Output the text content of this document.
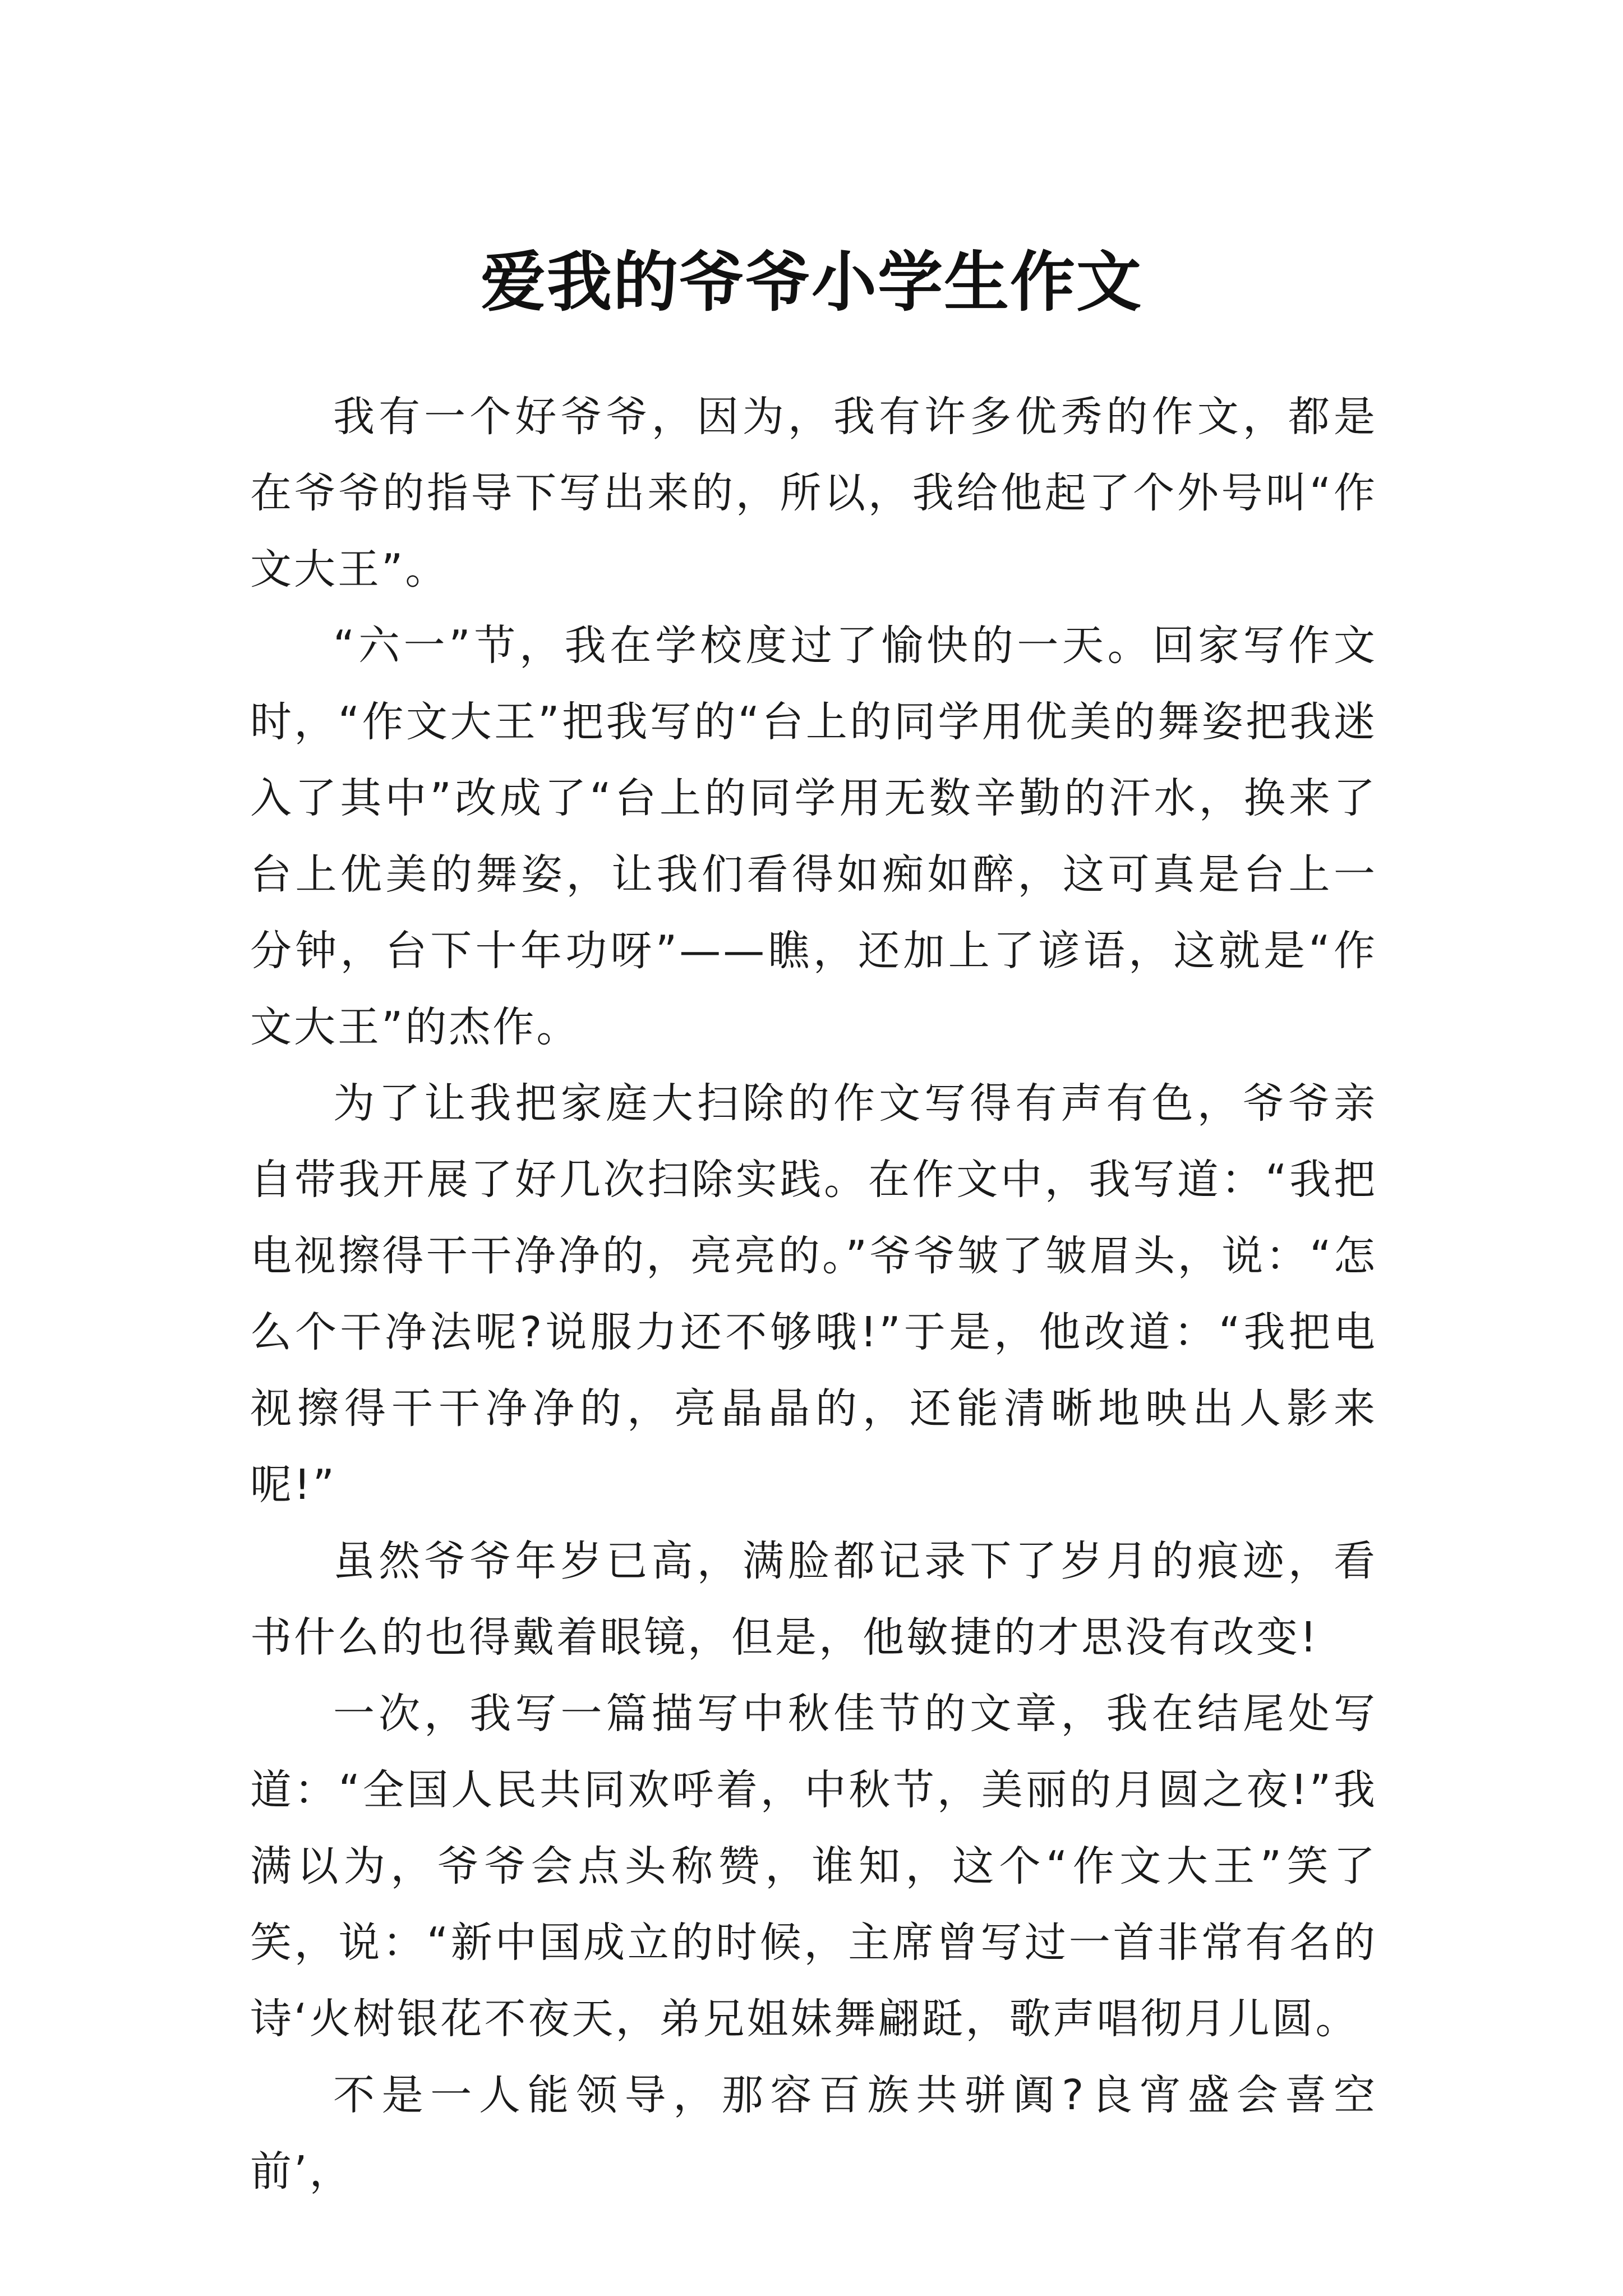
爱我的爷爷小学生作文

我有一个好爷爷，因为，我有许多优秀的作文，都是在爷爷的指导下写出来的，所以，我给他起了个外号叫“作文大王”。

“六一”节，我在学校度过了愉快的一天。回家写作文时，“作文大王”把我写的“台上的同学用优美的舞姿把我迷入了其中”改成了“台上的同学用无数辛勤的汗水，换来了台上优美的舞姿，让我们看得如痴如醉，这可真是台上一分钟，台下十年功呀”——瞧，还加上了谚语，这就是“作文大王”的杰作。

为了让我把家庭大扫除的作文写得有声有色，爷爷亲自带我开展了好几次扫除实践。在作文中，我写道：“我把电视擦得干干净净的，亮亮的。”爷爷皱了皱眉头，说：“怎么个干净法呢?说服力还不够哦!”于是，他改道：“我把电视擦得干干净净的，亮晶晶的，还能清晰地映出人影来呢!”

虽然爷爷年岁已高，满脸都记录下了岁月的痕迹，看书什么的也得戴着眼镜，但是，他敏捷的才思没有改变!

一次，我写一篇描写中秋佳节的文章，我在结尾处写道：“全国人民共同欢呼着，中秋节，美丽的月圆之夜!”我满以为，爷爷会点头称赞，谁知，这个“作文大王”笑了笑，说：“新中国成立的时候，主席曾写过一首非常有名的诗‘火树银花不夜天，弟兄姐妹舞翩跹，歌声唱彻月儿圆。

不是一人能领导，那容百族共骈阗?良宵盛会喜空前’，
